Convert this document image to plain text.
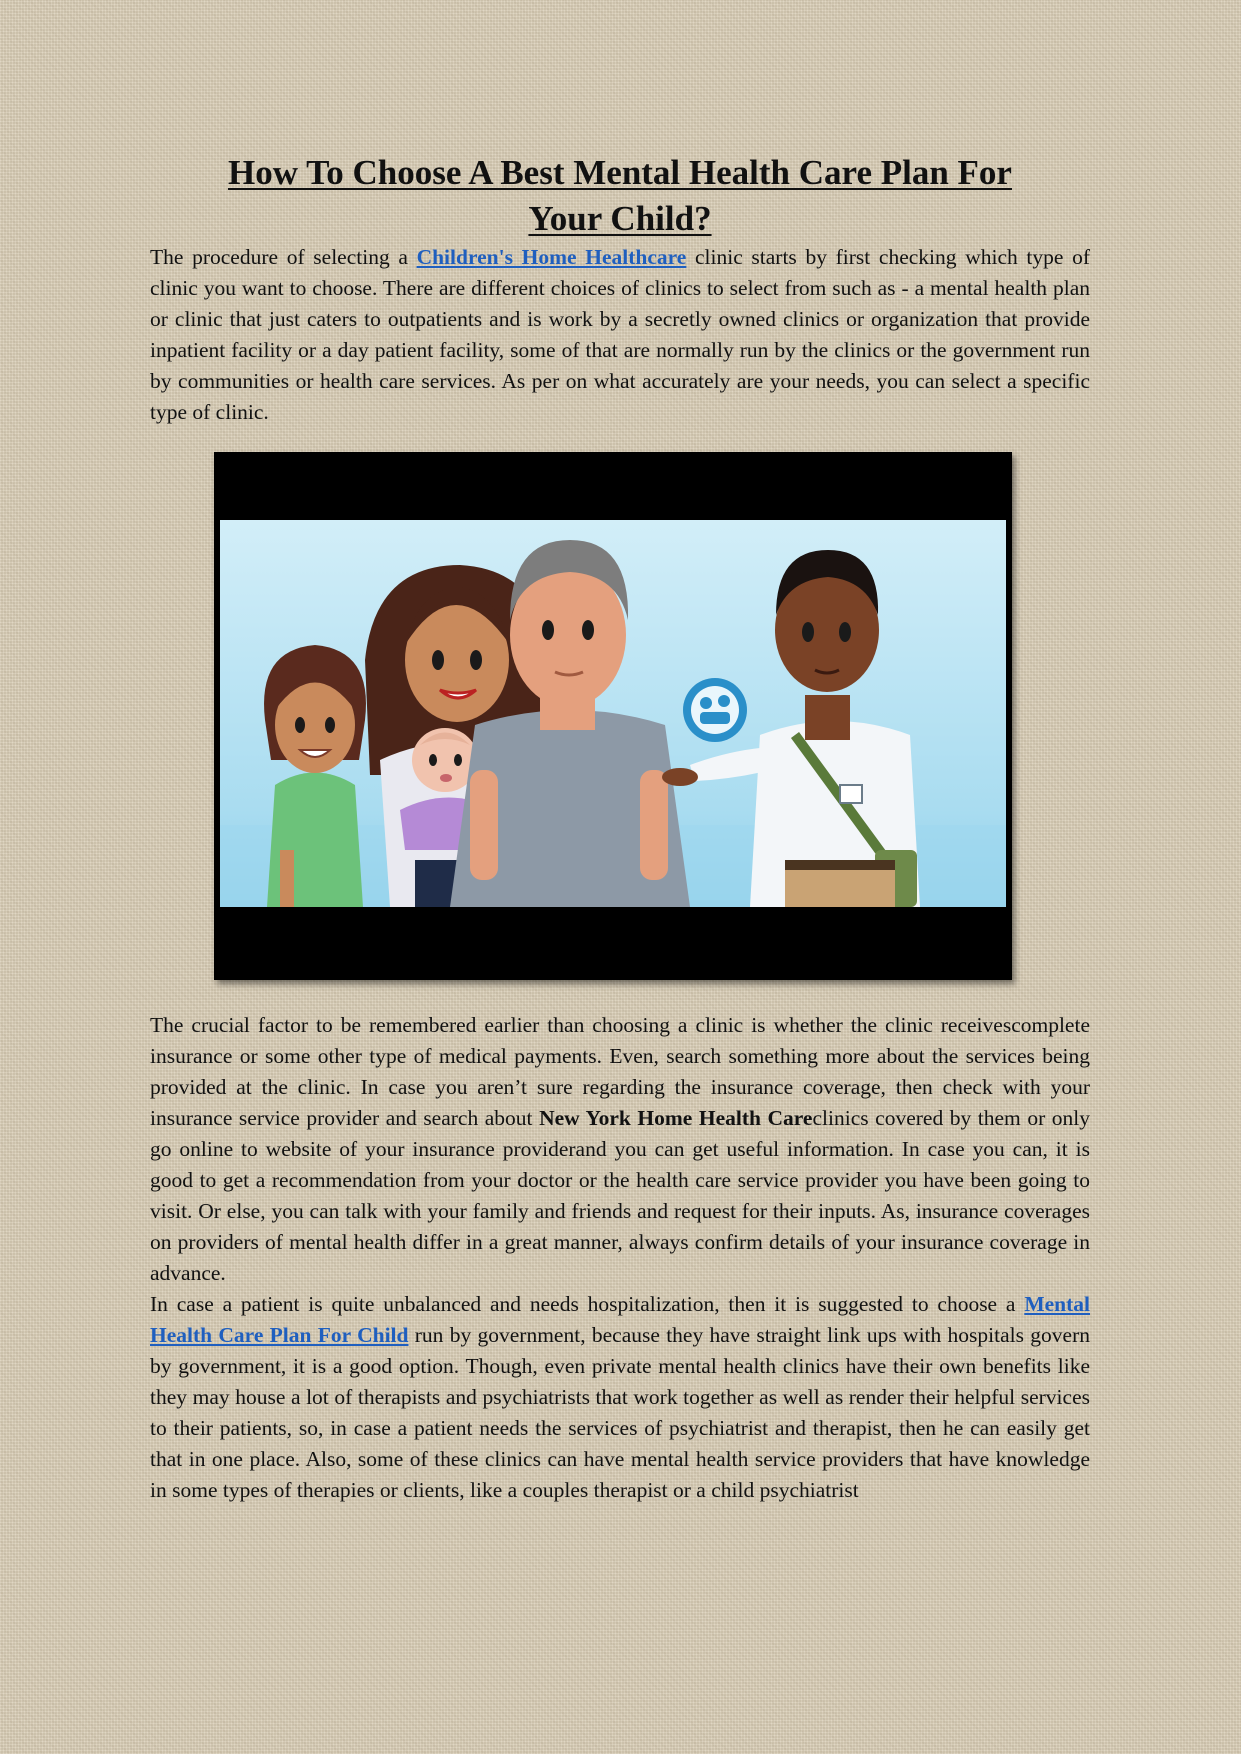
How To Choose A Best Mental Health Care Plan For
Your Child?

The procedure of selecting a Children's Home Healthcare clinic starts by first checking which type of clinic you want to choose. There are different choices of clinics to select from such as - a mental health plan or clinic that just caters to outpatients and is work by a secretly owned clinics or organization that provide inpatient facility or a day patient facility, some of that are normally run by the clinics or the government run by communities or health care services. As per on what accurately are your needs, you can select a specific type of clinic.

The crucial factor to be remembered earlier than choosing a clinic is whether the clinic receivescomplete insurance or some other type of medical payments. Even, search something more about the services being provided at the clinic. In case you aren’t sure regarding the insurance coverage, then check with your insurance service provider and search about New York Home Health Careclinics covered by them or only go online to website of your insurance providerand you can get useful information. In case you can, it is good to get a recommendation from your doctor or the health care service provider you have been going to visit. Or else, you can talk with your family and friends and request for their inputs. As, insurance coverages on providers of mental health differ in a great manner, always confirm details of your insurance coverage in advance.

In case a patient is quite unbalanced and needs hospitalization, then it is suggested to choose a Mental Health Care Plan For Child run by government, because they have straight link ups with hospitals govern by government, it is a good option. Though, even private mental health clinics have their own benefits like they may house a lot of therapists and psychiatrists that work together as well as render their helpful services to their patients, so, in case a patient needs the services of psychiatrist and therapist, then he can easily get that in one place. Also, some of these clinics can have mental health service providers that have knowledge in some types of therapies or clients, like a couples therapist or a child psychiatrist
